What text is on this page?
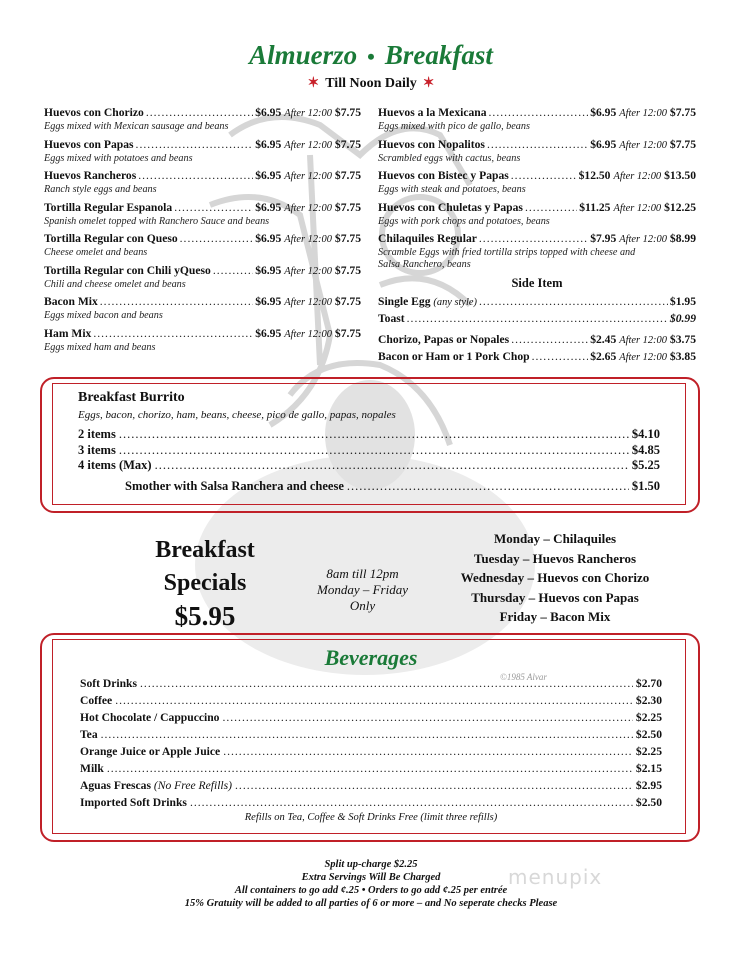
©1985 Alvar
Almuerzo • Breakfast
✶ Till Noon Daily ✶
Huevos con Chorizo .....	$6.95 After 12:00 $7.75
Eggs mixed with Mexican sausage and beans
Huevos con Papas .....	$6.95 After 12:00 $7.75
Eggs mixed with potatoes and beans
Huevos Rancheros .....	$6.95 After 12:00 $7.75
Ranch style eggs and beans
Tortilla Regular Espanola .....	$6.95 After 12:00 $7.75
Spanish omelet topped with Ranchero Sauce and beans
Tortilla Regular con Queso .....	$6.95 After 12:00 $7.75
Cheese omelet and beans
Tortilla Regular con Chili yQueso .....	$6.95 After 12:00 $7.75
Chili and cheese omelet and beans
Bacon Mix .....	$6.95 After 12:00 $7.75
Eggs mixed bacon and beans
Ham Mix .....	$6.95 After 12:00 $7.75
Eggs mixed ham and beans
Huevos a la Mexicana .....	$6.95 After 12:00 $7.75
Eggs mixed with pico de gallo, beans
Huevos con Nopalitos .....	$6.95 After 12:00 $7.75
Scrambled eggs with cactus, beans
Huevos con Bistec y Papas .....	$12.50 After 12:00 $13.50
Eggs with steak and potatoes, beans
Huevos con Chuletas y Papas .....	$11.25 After 12:00 $12.25
Eggs with pork chops and potatoes, beans
Chilaquiles Regular .....	$7.95 After 12:00 $8.99
Scramble Eggs with fried tortilla strips topped with cheese and
Salsa Ranchero, beans
Side Item
Single Egg
(any style) .....	$1.95
Toast .....	$0.99
Chorizo, Papas or Nopales .....	$2.45 After 12:00 $3.75
Bacon or Ham or 1 Pork Chop .....	$2.65 After 12:00 $3.85
Breakfast Burrito
Eggs, bacon, chorizo, ham, beans, cheese, pico de gallo, papas, nopales
2 items .....	$4.10
3 items .....	$4.85
4 items (Max) .....	$5.25
Smother with Salsa Ranchera and cheese .....	$1.50
Breakfast
Specials
$5.95
8am till 12pm
Monday – Friday
Only
Monday – Chilaquiles
Tuesday – Huevos Rancheros
Wednesday – Huevos con Chorizo
Thursday – Huevos con Papas
Friday – Bacon Mix
Beverages
Soft Drinks .....	$2.70
Coffee .....	$2.30
Hot Chocolate / Cappuccino .....	$2.25
Tea .....	$2.50
Orange Juice or Apple Juice .....	$2.25
Milk .....	$2.15
Aguas Frescas
(No Free Refills) .....	$2.95
Imported Soft Drinks .....	$2.50
Refills on Tea, Coffee & Soft Drinks Free (limit three refills)
Split up-charge $2.25
Extra Servings Will Be Charged
All containers to go add ¢.25 • Orders to go add ¢.25 per entrée
15% Gratuity will be added to all parties of 6 or more – and No seperate checks Please
menupix
